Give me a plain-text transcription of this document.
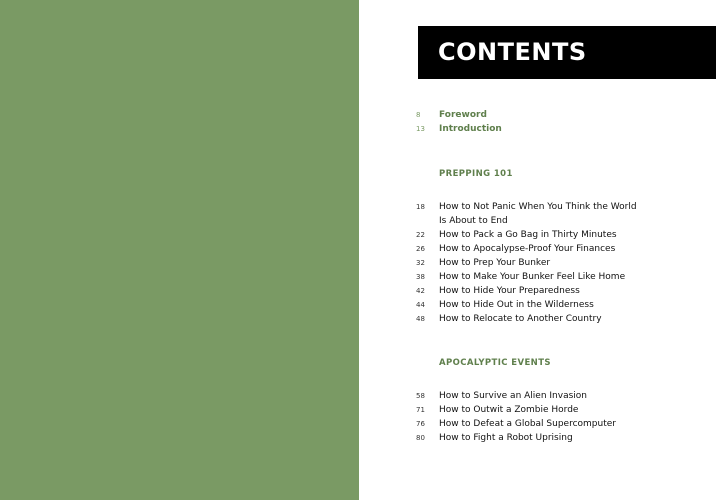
CONTENTS
8	Foreword
13	Introduction
PREPPING 101
18	How to Not Panic When You Think the World
Is About to End
22	How to Pack a Go Bag in Thirty Minutes
26	How to Apocalypse-Proof Your Finances
32	How to Prep Your Bunker
38	How to Make Your Bunker Feel Like Home
42	How to Hide Your Preparedness
44	How to Hide Out in the Wilderness
48	How to Relocate to Another Country
APOCALYPTIC EVENTS
58	How to Survive an Alien Invasion
71	How to Outwit a Zombie Horde
76	How to Defeat a Global Supercomputer
80	How to Fight a Robot Uprising
